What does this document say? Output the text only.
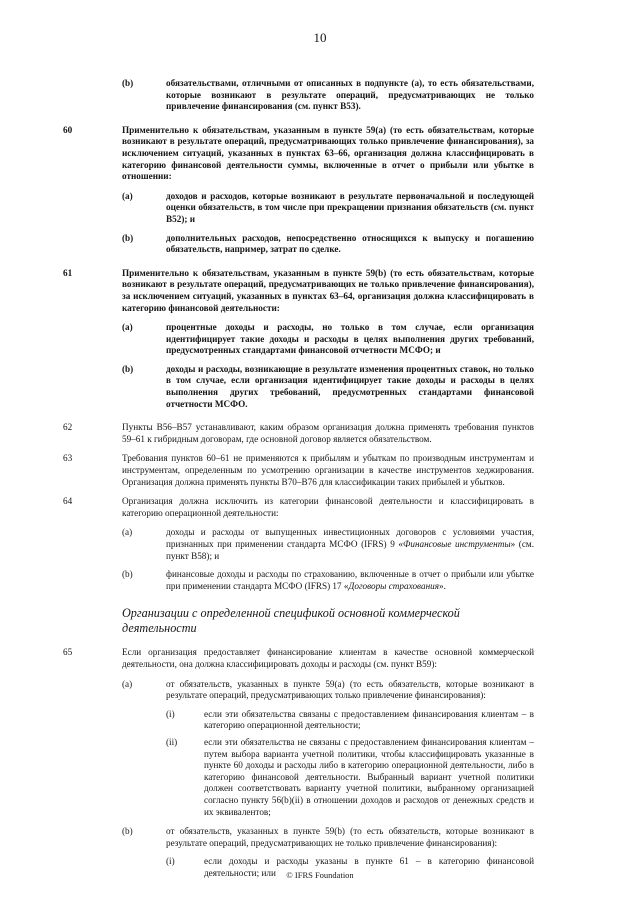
10
(b)	обязательствами, отличными от описанных в подпункте (a), то есть обязательствами, которые возникают в результате операций, предусматривающих не только привлечение финансирования (см. пункт B53).
60	Применительно к обязательствам, указанным в пункте 59(a) (то есть обязательствам, которые возникают в результате операций, предусматривающих только привлечение финансирования), за исключением ситуаций, указанных в пунктах 63–66, организация должна классифицировать в категорию финансовой деятельности суммы, включенные в отчет о прибыли или убытке в отношении:
(a)	доходов и расходов, которые возникают в результате первоначальной и последующей оценки обязательств, в том числе при прекращении признания обязательств (см. пункт B52); и
(b)	дополнительных расходов, непосредственно относящихся к выпуску и погашению обязательств, например, затрат по сделке.
61	Применительно к обязательствам, указанным в пункте 59(b) (то есть обязательствам, которые возникают в результате операций, предусматривающих не только привлечение финансирования), за исключением ситуаций, указанных в пунктах 63–64, организация должна классифицировать в категорию финансовой деятельности:
(a)	процентные доходы и расходы, но только в том случае, если организация идентифицирует такие доходы и расходы в целях выполнения других требований, предусмотренных стандартами финансовой отчетности МСФО; и
(b)	доходы и расходы, возникающие в результате изменения процентных ставок, но только в том случае, если организация идентифицирует такие доходы и расходы в целях выполнения других требований, предусмотренных стандартами финансовой отчетности МСФО.
62	Пункты B56–B57 устанавливают, каким образом организация должна применять требования пунктов 59–61 к гибридным договорам, где основной договор является обязательством.
63	Требования пунктов 60–61 не применяются к прибылям и убыткам по производным инструментам и инструментам, определенным по усмотрению организации в качестве инструментов хеджирования. Организация должна применять пункты B70–B76 для классификации таких прибылей и убытков.
64	Организация должна исключить из категории финансовой деятельности и классифицировать в категорию операционной деятельности:
(a)	доходы и расходы от выпущенных инвестиционных договоров с условиями участия, признанных при применении стандарта МСФО (IFRS) 9 «Финансовые инструменты» (см. пункт B58); и
(b)	финансовые доходы и расходы по страхованию, включенные в отчет о прибыли или убытке при применении стандарта МСФО (IFRS) 17 «Договоры страхования».
Организации с определенной спецификой основной коммерческой деятельности
65	Если организация предоставляет финансирование клиентам в качестве основной коммерческой деятельности, она должна классифицировать доходы и расходы (см. пункт B59):
(a)	от обязательств, указанных в пункте 59(a) (то есть обязательств, которые возникают в результате операций, предусматривающих только привлечение финансирования):
(i)	если эти обязательства связаны с предоставлением финансирования клиентам – в категорию операционной деятельности;
(ii)	если эти обязательства не связаны с предоставлением финансирования клиентам – путем выбора варианта учетной политики, чтобы классифицировать указанные в пункте 60 доходы и расходы либо в категорию операционной деятельности, либо в категорию финансовой деятельности. Выбранный вариант учетной политики должен соответствовать варианту учетной политики, выбранному организацией согласно пункту 56(b)(ii) в отношении доходов и расходов от денежных средств и их эквивалентов;
(b)	от обязательств, указанных в пункте 59(b) (то есть обязательств, которые возникают в результате операций, предусматривающих не только привлечение финансирования):
(i)	если доходы и расходы указаны в пункте 61 – в категорию финансовой деятельности; или	© IFRS Foundation
